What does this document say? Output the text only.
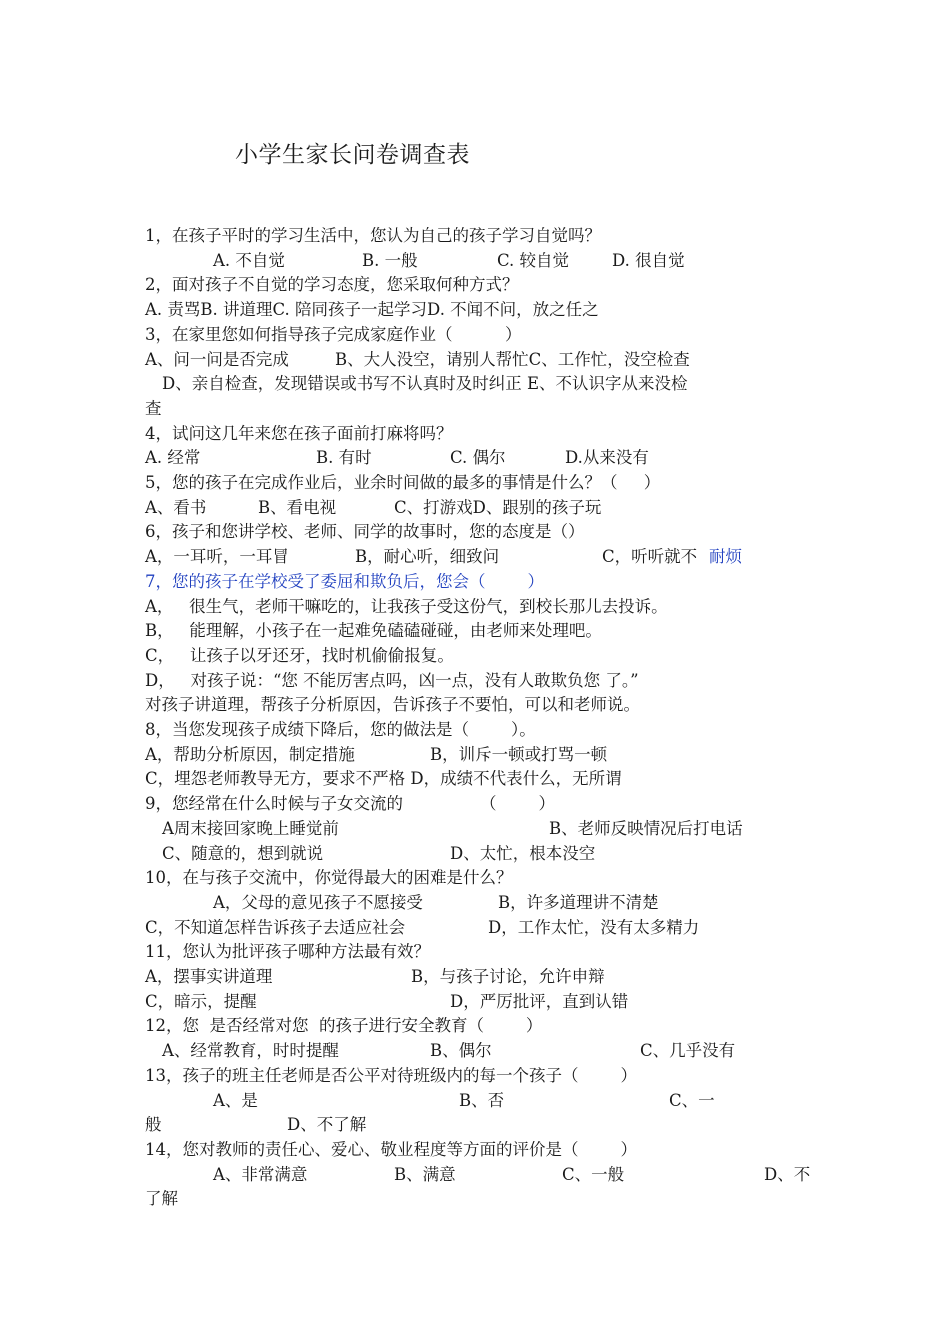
小学生家长问卷调查表
1，在孩子平时的学习生活中，您认为自己的孩子学习自觉吗？
A. 不自觉	B. 一般	C. 较自觉	D. 很自觉
2，面对孩子不自觉的学习态度，您采取何种方式？
A. 责骂B. 讲道理C. 陪同孩子一起学习D. 不闻不问，放之任之
3，在家里您如何指导孩子完成家庭作业（          ）
A、问一问是否完成	B、大人没空，请别人帮忙C、工作忙，没空检查
D、亲自检查，发现错误或书写不认真时及时纠正 E、不认识字从来没检
查
4，试问这几年来您在孩子面前打麻将吗？
A. 经常	B. 有时	C. 偶尔	D.从来没有
5，您的孩子在完成作业后，业余时间做的最多的事情是什么？（     ）
A、看书	B、看电视	C、打游戏D、跟别的孩子玩
6，孩子和您讲学校、老师、同学的故事时，您的态度是（）
A，一耳听，一耳冒	B，耐心听，细致问	C，听听就不 耐烦
7，您的孩子在学校受了委屈和欺负后，您会（        ）
A，   很生气，老师干嘛吃的，让我孩子受这份气，到校长那儿去投诉。
B，   能理解，小孩子在一起难免磕磕碰碰，由老师来处理吧。
C，   让孩子以牙还牙，找时机偷偷报复。
D，   对孩子说：“您 不能厉害点吗，凶一点，没有人敢欺负您 了。”
对孩子讲道理，帮孩子分析原因，告诉孩子不要怕，可以和老师说。
8，当您发现孩子成绩下降后，您的做法是（        ）。
A，帮助分析原因，制定措施	B，训斥一顿或打骂一顿
C，埋怨老师教导无方，要求不严格 D，成绩不代表什么，无所谓
9，您经常在什么时候与子女交流的	（        ）
A周末接回家晚上睡觉前	B、老师反映情况后打电话
C、随意的，想到就说	D、太忙，根本没空
10，在与孩子交流中，你觉得最大的困难是什么？
A，父母的意见孩子不愿接受	B，许多道理讲不清楚
C，不知道怎样告诉孩子去适应社会	D，工作太忙，没有太多精力
11，您认为批评孩子哪种方法最有效？
A，摆事实讲道理	B，与孩子讨论，允许申辩
C，暗示，提醒	D，严厉批评，直到认错
12，您  是否经常对您  的孩子进行安全教育（        ）
A、经常教育，时时提醒	B、偶尔	C、几乎没有
13，孩子的班主任老师是否公平对待班级内的每一个孩子（        ）
A、是	B、否	C、一
般	D、不了解
14，您对教师的责任心、爱心、敬业程度等方面的评价是（        ）
A、非常满意	B、满意	C、一般	D、不
了解
